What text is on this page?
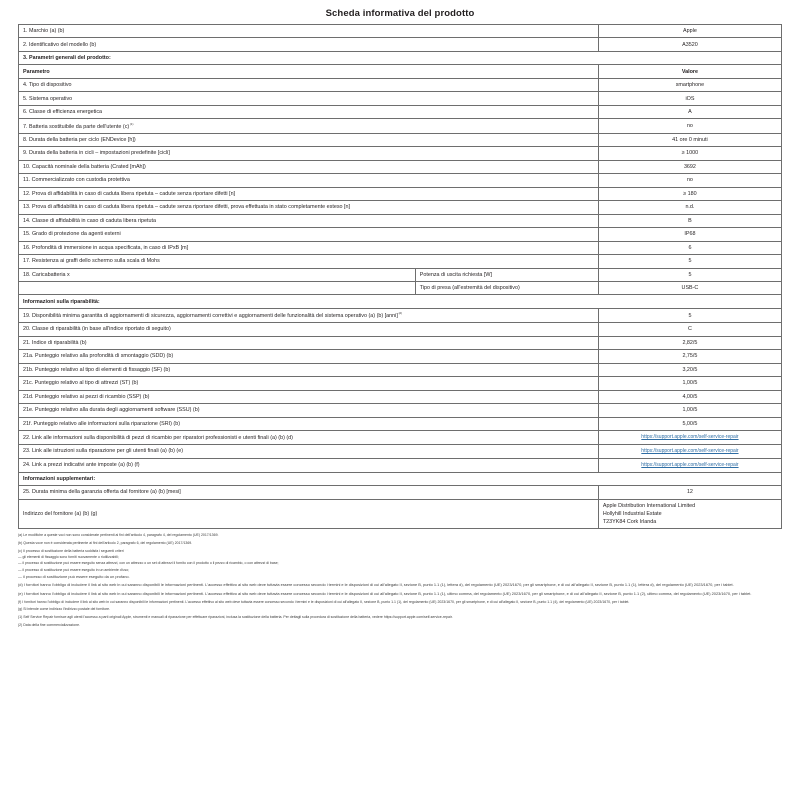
Scheda informativa del prodotto
1. Marchio (a) (b)		Apple
2. Identificativo del modello (b)		A3520
3. Parametri generali del prodotto:		
Parametro		Valore
4. Tipo di dispositivo		smartphone
5. Sistema operativo		iOS
6. Classe di efficienza energetica		A
7. Batteria sostituibile da parte dell'utente (c) $^{(1)}$		no
8. Durata della batteria per ciclo (ENDevice [h])		41 ore 0 minuti
9. Durata della batteria in cicli – impostazioni predefinite [cicli]		≥ 1000
10. Capacità nominale della batteria (Crated [mAh])		3692
11. Commercializzato con custodia protettiva		no
12. Prova di affidabilità in caso di caduta libera ripetuta – cadute senza riportare difetti [n]		≥ 180
13. Prova di affidabilità in caso di caduta libera ripetuta – cadute senza riportare difetti, prova effettuata in stato completamente esteso [n]		n.d.
14. Classe di affidabilità in caso di caduta libera ripetuta		B
15. Grado di protezione da agenti esterni		IP68
16. Profondità di immersione in acqua specificata, in caso di IPxB [m]		6
17. Resistenza ai graffi dello schermo sulla scala di Mohs		5
18. Caricabatteria x	Potenza di uscita richiesta [W]	5
	Tipo di presa (all'estremità del dispositivo)	USB-C
Informazioni sulla riparabilità:		
19. Disponibilità minima garantita di aggiornamenti di sicurezza, aggiornamenti correttivi e aggiornamenti delle funzionalità del sistema operativo (a) (b) [anni] $^{(d)}$		5
20. Classe di riparabilità (in base all'indice riportato di seguito)		C
21. Indice di riparabilità (b)		2,82/5
21a. Punteggio relativo alla profondità di smontaggio (SDD) (b)		2,75/5
21b. Punteggio relativo al tipo di elementi di fissaggio (SF) (b)		3,20/5
21c. Punteggio relativo al tipo di attrezzi (ST) (b)		1,00/5
21d. Punteggio relativo ai pezzi di ricambio (SSP) (b)		4,00/5
21e. Punteggio relativo alla durata degli aggiornamenti software (SSU) (b)		1,00/5
21f. Punteggio relativo alle informazioni sulla riparazione (SRI) (b)		5,00/5
22. Link alle informazioni sulla disponibilità di pezzi di ricambio per riparatori professionisti e utenti finali (a) (b) (d)		https://support.apple.com/self-service-repair
23. Link alle istruzioni sulla riparazione per gli utenti finali (a) (b) (e)		https://support.apple.com/self-service-repair
24. Link a prezzi indicativi ante imposte (a) (b) (f)		https://support.apple.com/self-service-repair
Informazioni supplementari:		
25. Durata minima della garanzia offerta dal fornitore (a) (b) [mesi]		12
Indirizzo del fornitore (a) (b) (g)		Apple Distribution International Limited
Hollyhill Industrial Estate
T23YK84 Cork Irlanda

(a) Le modifiche a queste voci non sono considerate pertinenti ai fini dell'articolo 4, paragrafo 4, del regolamento (UE) 2017/1369.

(b) Questa voce non è considerata pertinente ai fini dell'articolo 2, paragrafo 6, del regolamento (UE) 2017/1369.

(c) Il processo di sostituzione della batteria soddisfa i seguenti criteri

— gli elementi di fissaggio sono forniti nuovamente o riutilizzabili;

— il processo di sostituzione può essere eseguito senza attrezzi, con un attrezzo o un set di attrezzi il fornito con il prodotto o il pezzo di ricambio, o con attrezzi di base;

— il processo di sostituzione può essere eseguito in un ambiente d'uso;

— il processo di sostituzione può essere eseguito da un profano.

(d) I fornitori hanno l'obbligo di includere il link al sito web in cui saranno disponibili le informazioni pertinenti. L'accesso effettivo al sito web deve tuttavia essere concesso secondo i termini e le disposizioni di cui all'allegato II, sezione B, punto 1.1 (1), lettera d), del regolamento (UE) 2023/1670, per gli smartphone, e di cui all'allegato II, sezione B, punto 1.1 (1), lettera d), del regolamento (UE) 2023/1670, per i tablet.

(e) I fornitori hanno l'obbligo di includere il link al sito web in cui saranno disponibili le informazioni pertinenti. L'accesso effettivo al sito web deve tuttavia essere concesso secondo i termini e le disposizioni di cui all'allegato II, sezione B, punto 1.1 (1), ultimo comma, del regolamento (UE) 2023/1670, per gli smartphone, e di cui all'allegato II, sezione B, punto 1.1 (2), ultimo comma, del regolamento (UE) 2023/1670, per i tablet.

(f) I fornitori hanno l'obbligo di includere il link al sito web in cui saranno disponibili le informazioni pertinenti. L'accesso effettivo al sito web deve tuttavia essere concesso secondo i termini e le disposizioni di cui all'allegato II, sezione B, punto 1.1 (1), del regolamento (UE) 2023/1670, per gli smartphone, e di cui all'allegato II, sezione B, punto 1.1 (4), del regolamento (UE) 2023/1670, per i tablet.

(g) Si intende come indirizzo l'indirizzo postale del fornitore.

(1) Self Service Repair fornisce agli utenti l'accesso a parti originali Apple, strumenti e manuali di riparazione per effettuare riparazioni, inclusa la sostituzione della batteria. Per dettagli sulla procedura di sostituzione della batteria, vedere https://support.apple.com/self-service-repair.

(2) Data della fine commercializzazione.
